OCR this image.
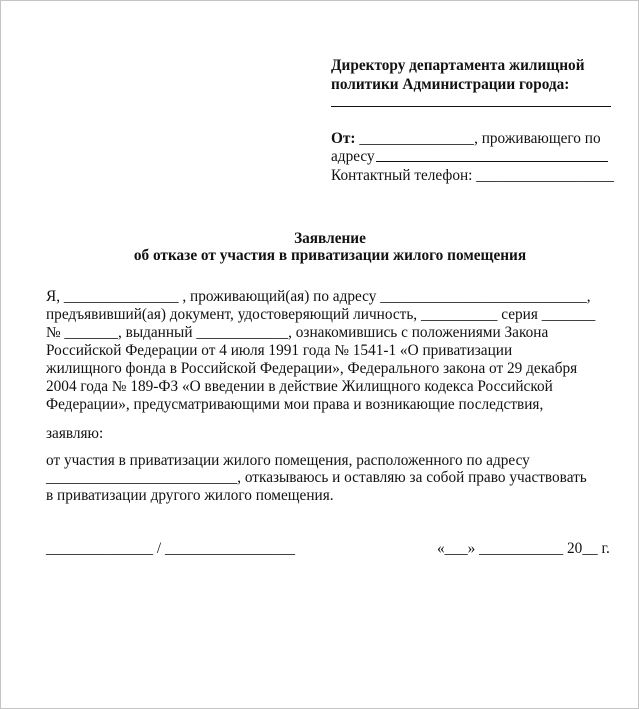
Директору департамента жилищной
политики Администрации города:
От: _______________, проживающего по
адресу
Контактный телефон: __________________
Заявление
об отказе от участия в приватизации жилого помещения
Я, _______________ , проживающий(ая) по адресу ___________________________,
предъявивший(ая) документ, удостоверяющий личность, __________ серия _______
№ _______, выданный ____________, ознакомившись с положениями Закона
Российской Федерации от 4 июля 1991 года № 1541-1 «О приватизации
жилищного фонда в Российской Федерации», Федерального закона от 29 декабря
2004 года № 189-ФЗ «О введении в действие Жилищного кодекса Российской
Федерации», предусматривающими мои права и возникающие последствия,
заявляю:
от участия в приватизации жилого помещения, расположенного по адресу
_________________________, отказываюсь и оставляю за собой право участвовать
в приватизации другого жилого помещения.
______________ / _________________	«___» ___________ 20__ г.
